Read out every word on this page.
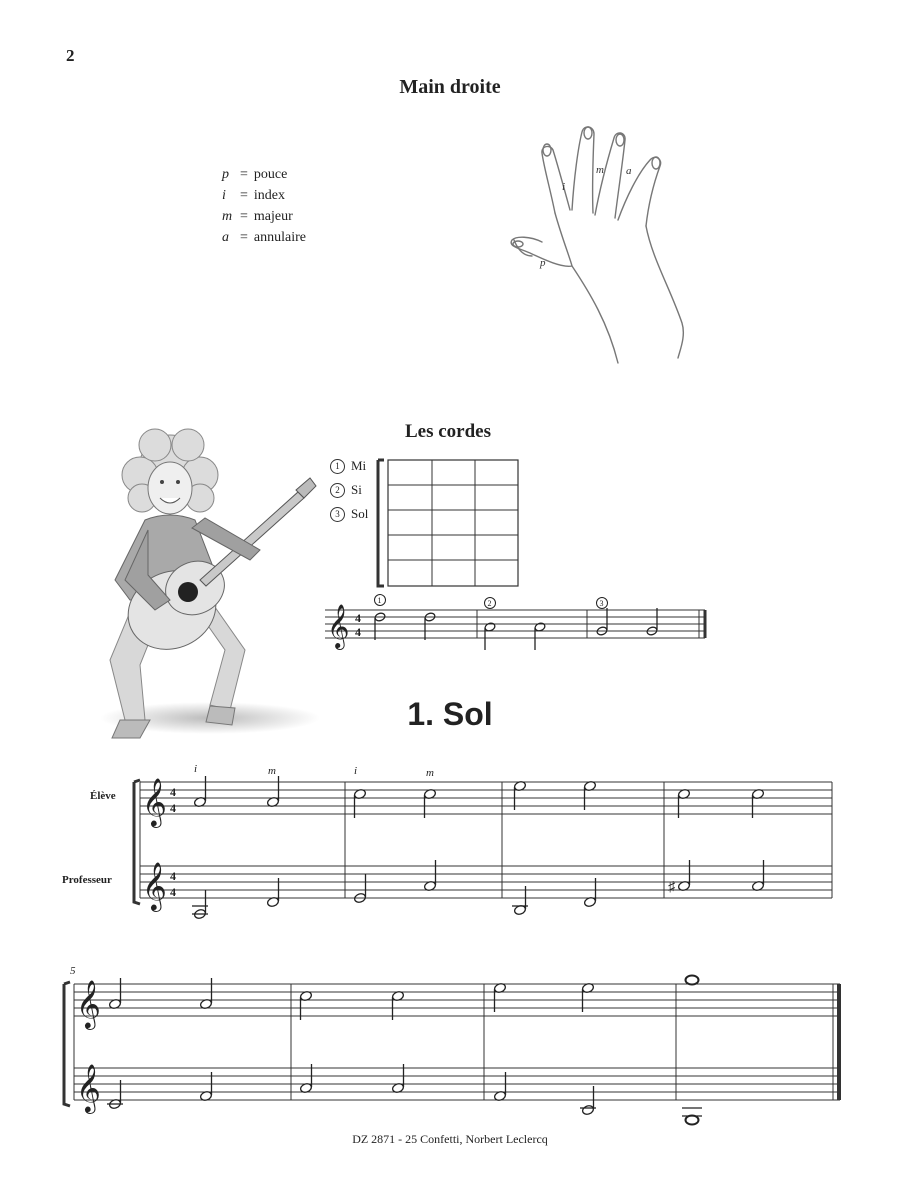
2
Main droite
p = pouce
i	= index
m = majeur
a = annulaire
i
m a
p
Les cordes
1 Mi
2 Si
3 Sol
𝄞 4
4
1	2	3
1. Sol
Élève
Professeur
𝄞
𝄞
4
4
4
4
i	m	i	m
♯
5
𝄞
𝄞
DZ 2871 - 25 Confetti, Norbert Leclercq
